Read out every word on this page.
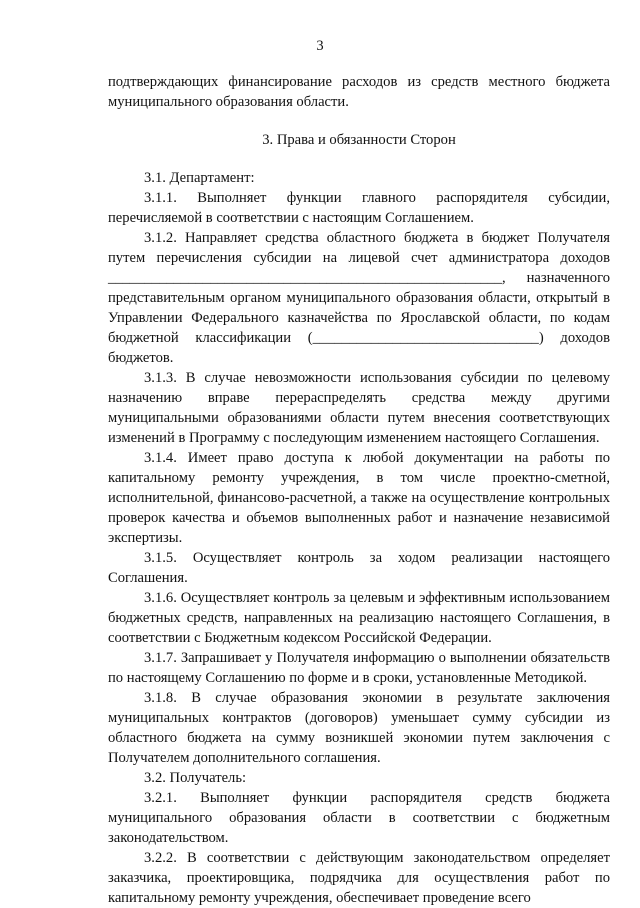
3

подтверждающих финансирование расходов из средств местного бюджета муниципального образования области.

3. Права и обязанности Сторон

3.1. Департамент:

3.1.1. Выполняет функции главного распорядителя субсидии, перечисляемой в соответствии с настоящим Соглашением.

3.1.2. Направляет средства областного бюджета в бюджет Получателя путем перечисления субсидии на лицевой счет администратора доходов ______________________________________________________, назначенного представительным органом муниципального образования области, открытый в Управлении Федерального казначейства по Ярославской области, по кодам бюджетной классификации (_______________________________) доходов бюджетов.

3.1.3. В случае невозможности использования субсидии по целевому назначению вправе перераспределять средства между другими муниципальными образованиями области путем внесения соответствующих изменений в Программу с последующим изменением настоящего Соглашения.

3.1.4. Имеет право доступа к любой документации на работы по капитальному ремонту учреждения, в том числе проектно-сметной, исполнительной, финансово-расчетной, а также на осуществление контрольных проверок качества и объемов выполненных работ и назначение независимой экспертизы.

3.1.5. Осуществляет контроль за ходом реализации настоящего Соглашения.

3.1.6. Осуществляет контроль за целевым и эффективным использованием бюджетных средств, направленных на реализацию настоящего Соглашения, в соответствии с Бюджетным кодексом Российской Федерации.

3.1.7. Запрашивает у Получателя информацию о выполнении обязательств по настоящему Соглашению по форме и в сроки, установленные Методикой.

3.1.8. В случае образования экономии в результате заключения муниципальных контрактов (договоров) уменьшает сумму субсидии из областного бюджета на сумму возникшей экономии путем заключения с Получателем дополнительного соглашения.

3.2. Получатель:

3.2.1. Выполняет функции распорядителя средств бюджета муниципального образования области в соответствии с бюджетным законодательством.

3.2.2. В соответствии с действующим законодательством определяет заказчика, проектировщика, подрядчика для осуществления работ по капитальному ремонту учреждения, обеспечивает проведение всего
